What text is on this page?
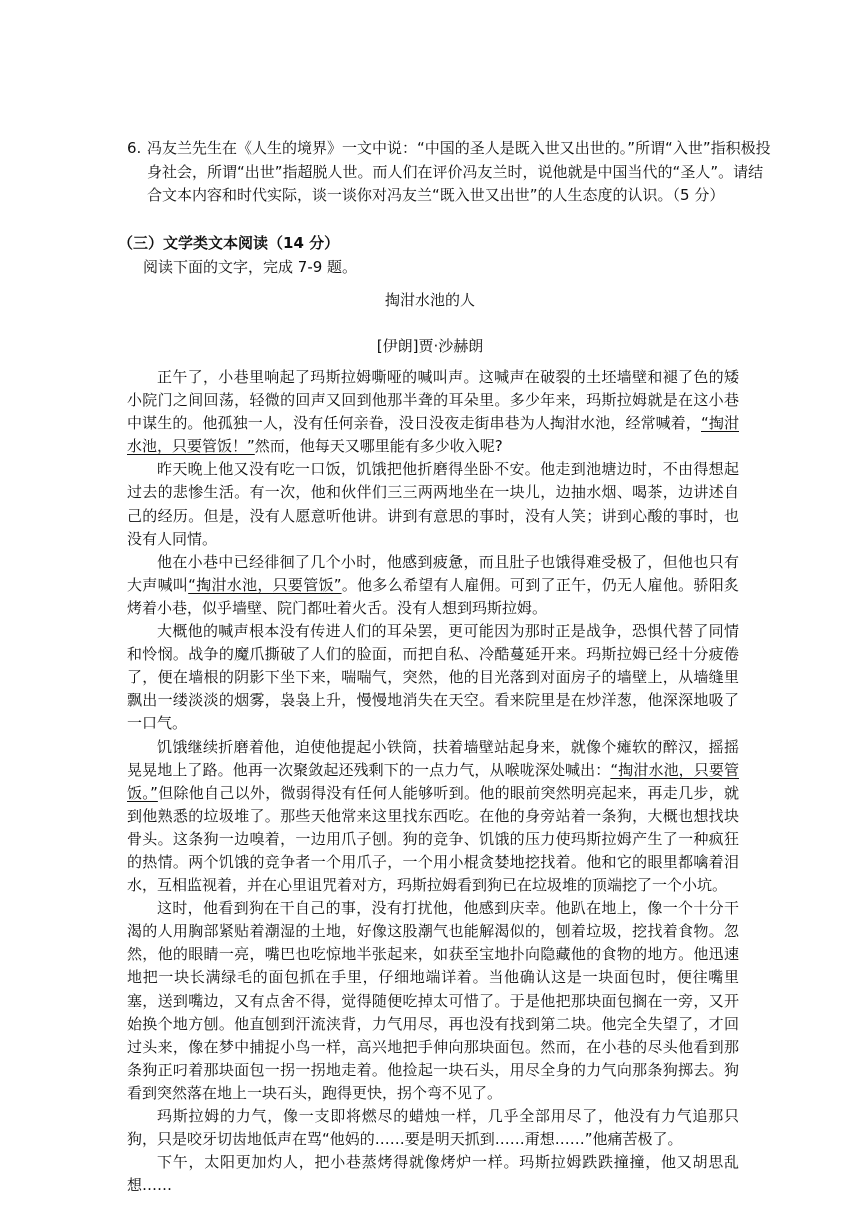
6. 冯友兰先生在《人生的境界》一文中说：“中国的圣人是既入世又出世的。”所谓“入世”指积极投身社会，所谓“出世”指超脱人世。而人们在评价冯友兰时，说他就是中国当代的“圣人”。请结合文本内容和时代实际，谈一谈你对冯友兰“既入世又出世”的人生态度的认识。（5 分）
（三）文学类文本阅读（14 分）
阅读下面的文字，完成 7-9 题。
掏泔水池的人
[伊朗]贾·沙赫朗

正午了，小巷里响起了玛斯拉姆嘶哑的喊叫声。这喊声在破裂的土坯墙壁和褪了色的矮小院门之间回荡，轻微的回声又回到他那半聋的耳朵里。多少年来，玛斯拉姆就是在这小巷中谋生的。他孤独一人，没有任何亲眷，没日没夜走街串巷为人掏泔水池，经常喊着，“掏泔水池，只要管饭！”然而，他每天又哪里能有多少收入呢?

昨天晚上他又没有吃一口饭，饥饿把他折磨得坐卧不安。他走到池塘边时，不由得想起过去的悲惨生活。有一次，他和伙伴们三三两两地坐在一块儿，边抽水烟、喝茶，边讲述自己的经历。但是，没有人愿意听他讲。讲到有意思的事时，没有人笑；讲到心酸的事时，也没有人同情。

他在小巷中已经徘徊了几个小时，他感到疲惫，而且肚子也饿得难受极了，但他也只有大声喊叫“掏泔水池，只要管饭”。他多么希望有人雇佣。可到了正午，仍无人雇他。骄阳炙烤着小巷，似乎墙壁、院门都吐着火舌。没有人想到玛斯拉姆。

大概他的喊声根本没有传进人们的耳朵罢，更可能因为那时正是战争，恐惧代替了同情和怜悯。战争的魔爪撕破了人们的脸面，而把自私、冷酷蔓延开来。玛斯拉姆已经十分疲倦了，便在墙根的阴影下坐下来，喘喘气，突然，他的目光落到对面房子的墙壁上，从墙缝里飘出一缕淡淡的烟雾，袅袅上升，慢慢地消失在天空。看来院里是在炒洋葱，他深深地吸了一口气。

饥饿继续折磨着他，迫使他提起小铁筒，扶着墙壁站起身来，就像个瘫软的醉汉，摇摇晃晃地上了路。他再一次聚敛起还残剩下的一点力气，从喉咙深处喊出：“掏泔水池，只要管饭。”但除他自己以外，微弱得没有任何人能够听到。他的眼前突然明亮起来，再走几步，就到他熟悉的垃圾堆了。那些天他常来这里找东西吃。在他的身旁站着一条狗，大概也想找块骨头。这条狗一边嗅着，一边用爪子刨。狗的竞争、饥饿的压力使玛斯拉姆产生了一种疯狂的热情。两个饥饿的竞争者一个用爪子，一个用小棍贪婪地挖找着。他和它的眼里都噙着泪水，互相监视着，并在心里诅咒着对方，玛斯拉姆看到狗已在垃圾堆的顶端挖了一个小坑。

这时，他看到狗在干自己的事，没有打扰他，他感到庆幸。他趴在地上，像一个十分干渴的人用胸部紧贴着潮湿的土地，好像这股潮气也能解渴似的，刨着垃圾，挖找着食物。忽然，他的眼睛一亮，嘴巴也吃惊地半张起来，如获至宝地扑向隐藏他的食物的地方。他迅速地把一块长满绿毛的面包抓在手里，仔细地端详着。当他确认这是一块面包时，便往嘴里塞，送到嘴边，又有点舍不得，觉得随便吃掉太可惜了。于是他把那块面包搁在一旁，又开始换个地方刨。他直刨到汗流浃背，力气用尽，再也没有找到第二块。他完全失望了，才回过头来，像在梦中捕捉小鸟一样，高兴地把手伸向那块面包。然而，在小巷的尽头他看到那条狗正叼着那块面包一拐一拐地走着。他捡起一块石头，用尽全身的力气向那条狗掷去。狗看到突然落在地上一块石头，跑得更快，拐个弯不见了。

玛斯拉姆的力气，像一支即将燃尽的蜡烛一样，几乎全部用尽了，他没有力气追那只狗，只是咬牙切齿地低声在骂“他妈的……要是明天抓到……甭想……”他痛苦极了。

下午，太阳更加灼人，把小巷蒸烤得就像烤炉一样。玛斯拉姆跌跌撞撞，他又胡思乱想……
